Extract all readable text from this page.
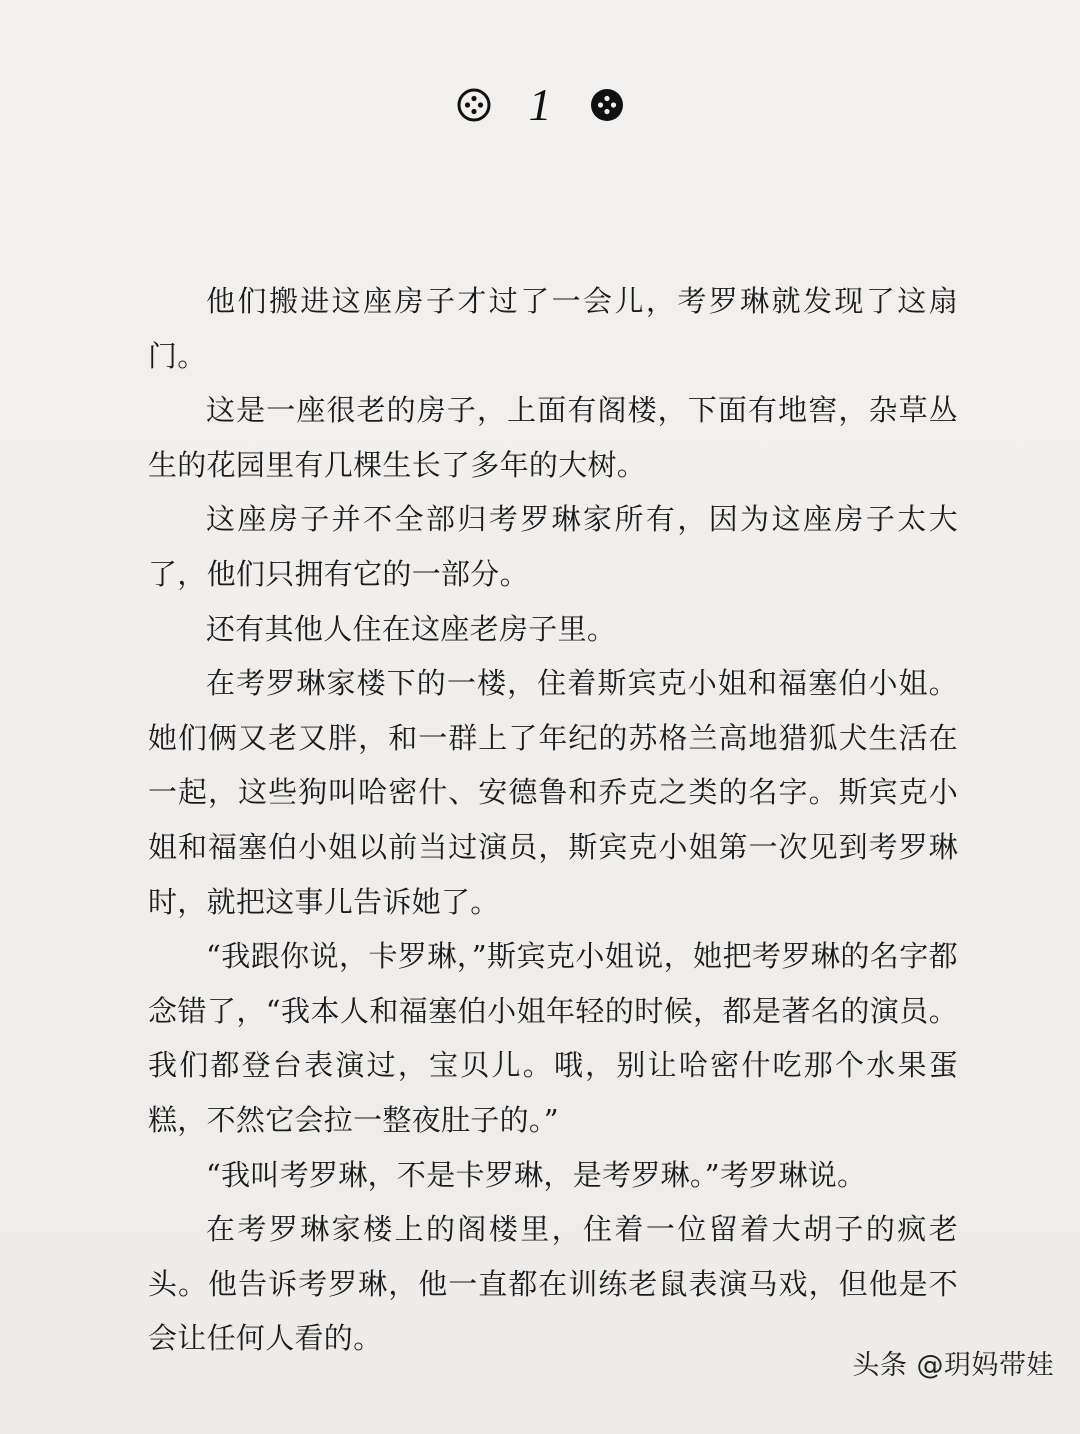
1

他们搬进这座房子才过了一会儿，考罗琳就发现了这扇门。

这是一座很老的房子，上面有阁楼，下面有地窖，杂草丛生的花园里有几棵生长了多年的大树。

这座房子并不全部归考罗琳家所有，因为这座房子太大了，他们只拥有它的一部分。

还有其他人住在这座老房子里。

在考罗琳家楼下的一楼，住着斯宾克小姐和福塞伯小姐。她们俩又老又胖，和一群上了年纪的苏格兰高地猎狐犬生活在一起，这些狗叫哈密什、安德鲁和乔克之类的名字。斯宾克小姐和福塞伯小姐以前当过演员，斯宾克小姐第一次见到考罗琳时，就把这事儿告诉她了。

“我跟你说，卡罗琳，”斯宾克小姐说，她把考罗琳的名字都念错了，“我本人和福塞伯小姐年轻的时候，都是著名的演员。我们都登台表演过，宝贝儿。哦，别让哈密什吃那个水果蛋糕，不然它会拉一整夜肚子的。”

“我叫考罗琳，不是卡罗琳，是考罗琳。”考罗琳说。

在考罗琳家楼上的阁楼里，住着一位留着大胡子的疯老头。他告诉考罗琳，他一直都在训练老鼠表演马戏，但他是不会让任何人看的。

头条 @玥妈带娃
